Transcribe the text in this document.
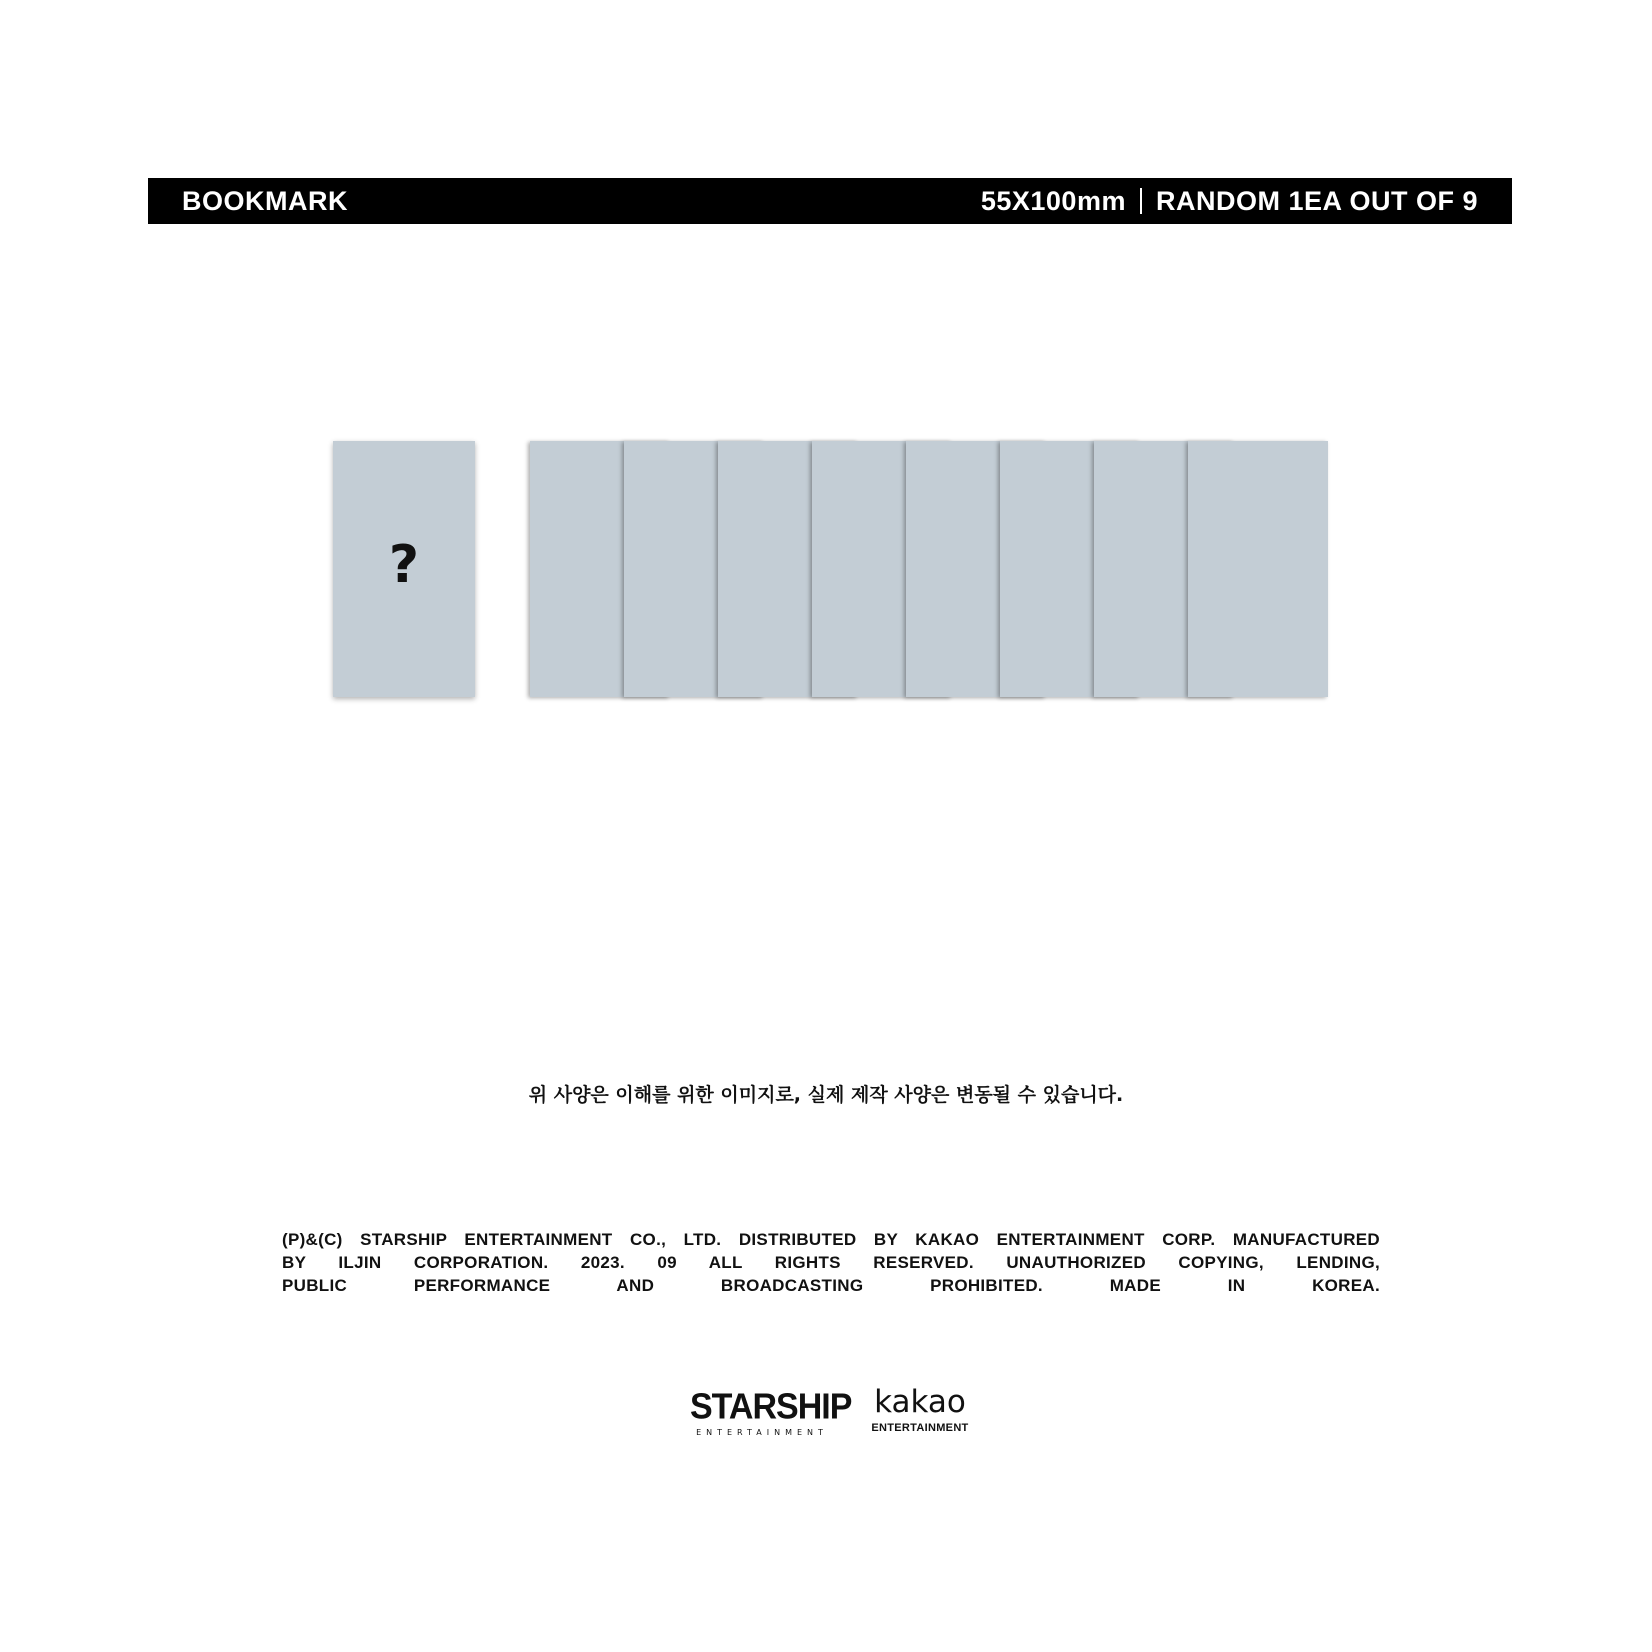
BOOKMARK	55X100mm RANDOM 1EA OUT OF 9
?
위 사양은 이해를 위한 이미지로, 실제 제작 사양은 변동될 수 있습니다.
(P)&(C) STARSHIP ENTERTAINMENT CO., LTD. DISTRIBUTED BY KAKAO ENTERTAINMENT CORP. MANUFACTURED
BY ILJIN CORPORATION. 2023. 09 ALL RIGHTS RESERVED. UNAUTHORIZED COPYING, LENDING,
PUBLIC PERFORMANCE AND BROADCASTING PROHIBITED. MADE IN KOREA.
STARSHIP
ENTERTAINMENT
kakao
ENTERTAINMENT
